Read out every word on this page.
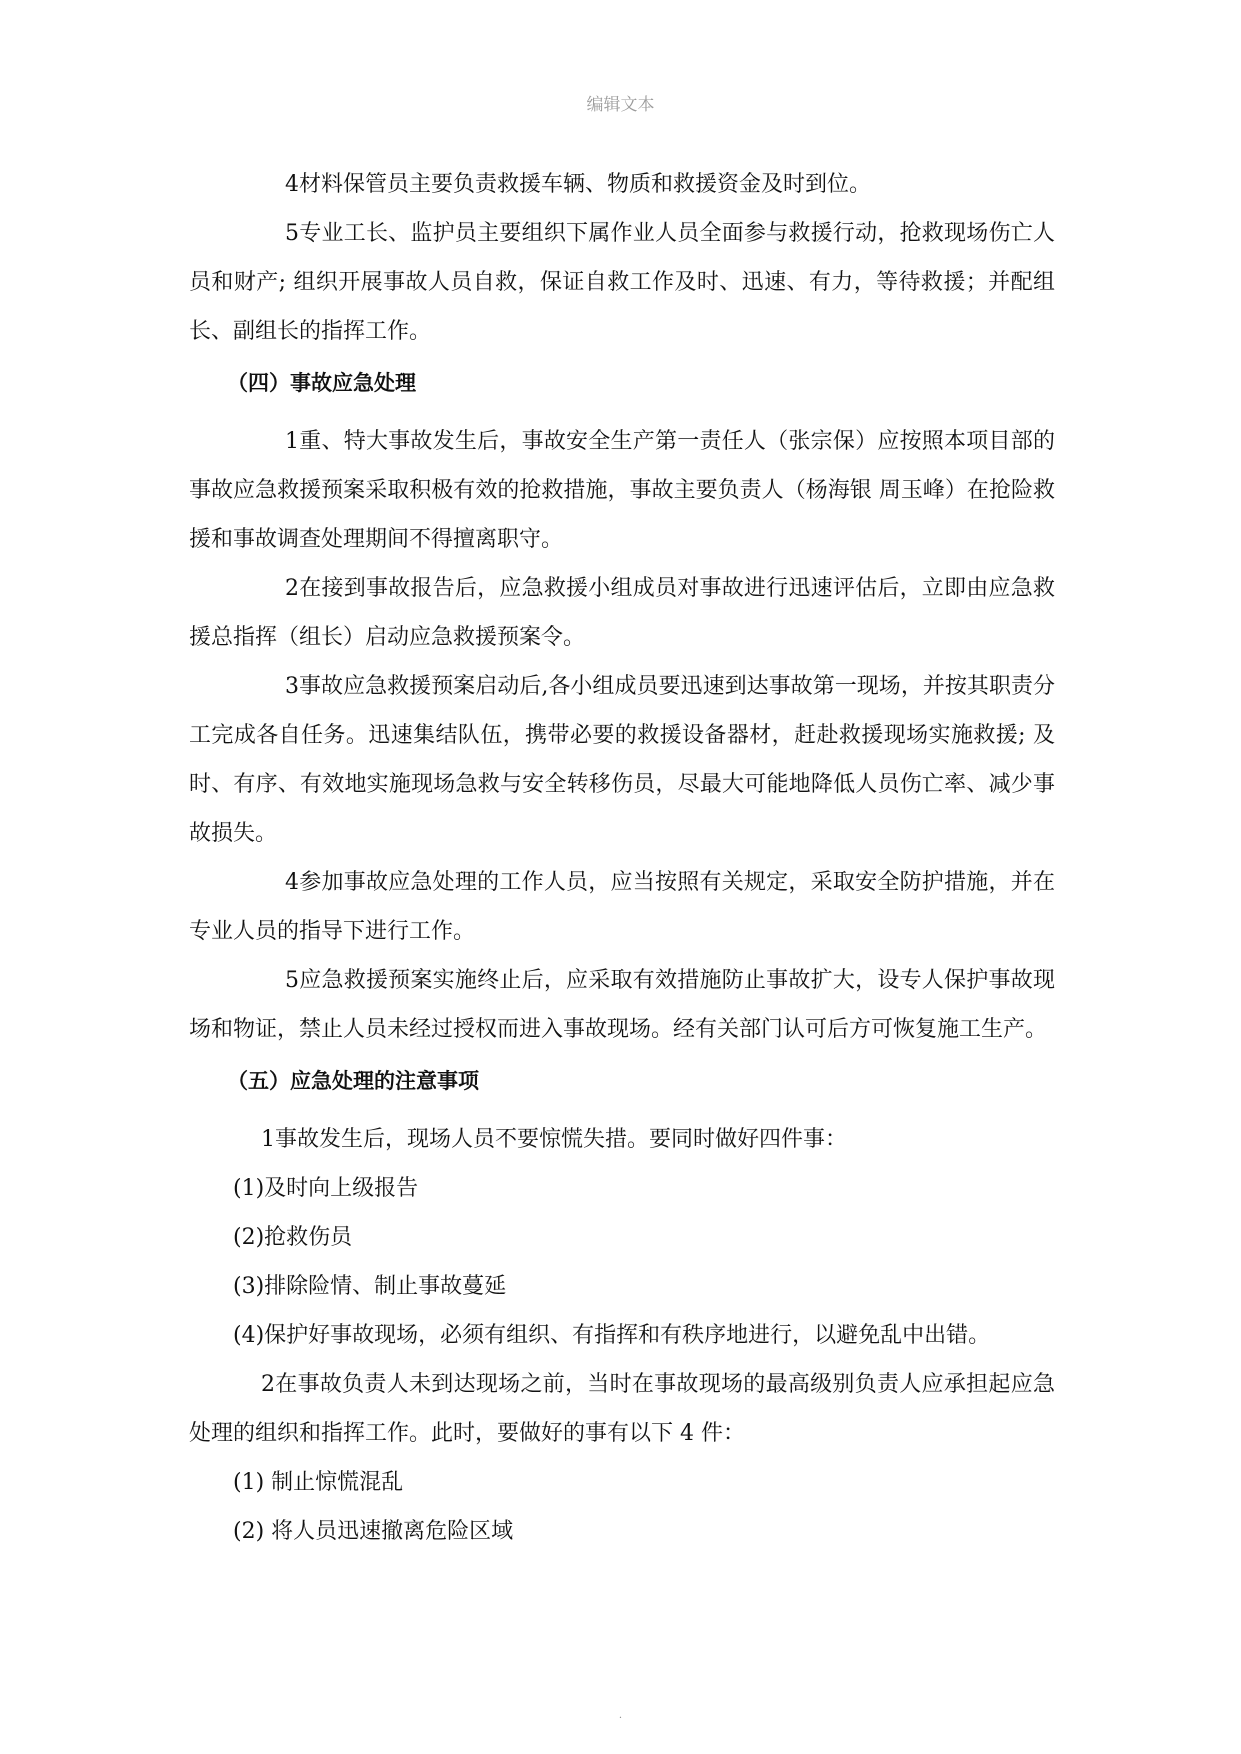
编辑文本

4材料保管员主要负责救援车辆、物质和救援资金及时到位。

5专业工长、监护员主要组织下属作业人员全面参与救援行动，抢救现场伤亡人员和财产; 组织开展事故人员自救，保证自救工作及时、迅速、有力，等待救援；并配组长、副组长的指挥工作。

（四）事故应急处理

1重、特大事故发生后，事故安全生产第一责任人（张宗保）应按照本项目部的事故应急救援预案采取积极有效的抢救措施，事故主要负责人（杨海银 周玉峰）在抢险救援和事故调查处理期间不得擅离职守。

2在接到事故报告后，应急救援小组成员对事故进行迅速评估后，立即由应急救援总指挥（组长）启动应急救援预案令。

3事故应急救援预案启动后,各小组成员要迅速到达事故第一现场，并按其职责分工完成各自任务。迅速集结队伍，携带必要的救援设备器材，赶赴救援现场实施救援; 及时、有序、有效地实施现场急救与安全转移伤员，尽最大可能地降低人员伤亡率、减少事故损失。

4参加事故应急处理的工作人员，应当按照有关规定，采取安全防护措施，并在专业人员的指导下进行工作。

5应急救援预案实施终止后，应采取有效措施防止事故扩大，设专人保护事故现场和物证，禁止人员未经过授权而进入事故现场。经有关部门认可后方可恢复施工生产。

（五）应急处理的注意事项

1事故发生后，现场人员不要惊慌失措。要同时做好四件事：

(1)及时向上级报告

(2)抢救伤员

(3)排除险情、制止事故蔓延

(4)保护好事故现场，必须有组织、有指挥和有秩序地进行，以避免乱中出错。

2在事故负责人未到达现场之前，当时在事故现场的最高级别负责人应承担起应急处理的组织和指挥工作。此时，要做好的事有以下 4 件：

(1) 制止惊慌混乱

(2) 将人员迅速撤离危险区域

.
